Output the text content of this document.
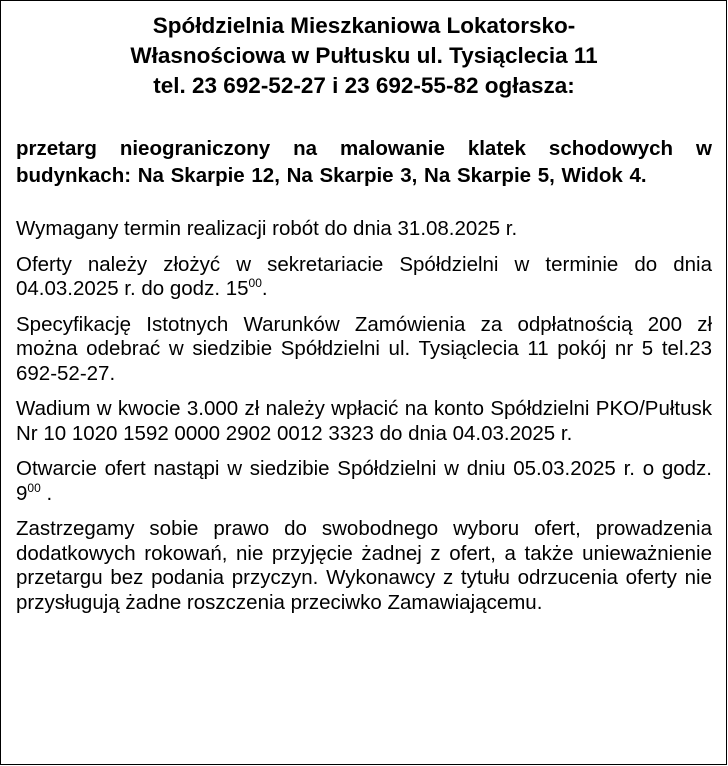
Spółdzielnia Mieszkaniowa Lokatorsko-
Własnościowa w Pułtusku ul. Tysiąclecia 11
tel. 23 692-52-27 i 23 692-55-82 ogłasza:

przetarg nieograniczony na malowanie klatek schodowych w budynkach: Na Skarpie 12, Na Skarpie 3, Na Skarpie 5, Widok 4.

Wymagany termin realizacji robót do dnia 31.08.2025 r.

Oferty należy złożyć w sekretariacie Spółdzielni w terminie do dnia 04.03.2025 r. do godz. $15^{00}$.

Specyfikację Istotnych Warunków Zamówienia za odpłatnością 200 zł można odebrać w siedzibie Spółdzielni ul. Tysiąclecia 11 pokój nr 5 tel.23 692-52-27.

Wadium w kwocie 3.000 zł należy wpłacić na konto Spółdzielni PKO/Pułtusk Nr 10 1020 1592 0000 2902 0012 3323 do dnia 04.03.2025 r.

Otwarcie ofert nastąpi w siedzibie Spółdzielni w dniu 05.03.2025 r. o godz. $9^{00}$ .

Zastrzegamy sobie prawo do swobodnego wyboru ofert, prowadzenia dodatkowych rokowań, nie przyjęcie żadnej z ofert, a także unieważnienie przetargu bez podania przyczyn. Wykonawcy z tytułu odrzucenia oferty nie przysługują żadne roszczenia przeciwko Zamawiającemu.
